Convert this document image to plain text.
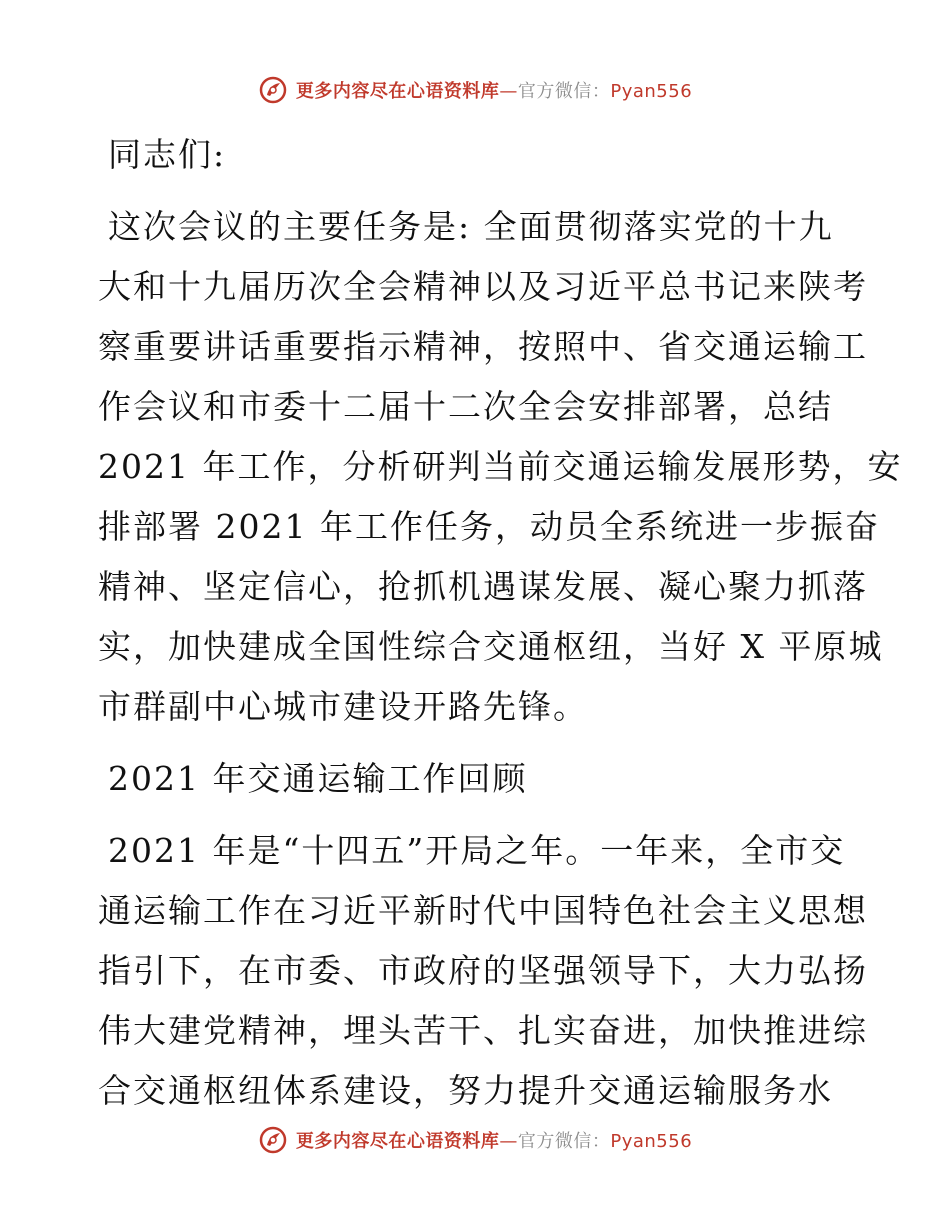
更多内容尽在心语资料库—官方微信：Pyan556
同志们:
这次会议的主要任务是: 全面贯彻落实党的十九
大和十九届历次全会精神以及习近平总书记来陕考
察重要讲话重要指示精神，按照中、省交通运输工
作会议和市委十二届十二次全会安排部署，总结
2021 年工作，分析研判当前交通运输发展形势，安
排部署 2021 年工作任务，动员全系统进一步振奋
精神、坚定信心，抢抓机遇谋发展、凝心聚力抓落
实，加快建成全国性综合交通枢纽，当好 X 平原城
市群副中心城市建设开路先锋。
2021 年交通运输工作回顾
2021 年是“十四五”开局之年。一年来，全市交
通运输工作在习近平新时代中国特色社会主义思想
指引下，在市委、市政府的坚强领导下，大力弘扬
伟大建党精神，埋头苦干、扎实奋进，加快推进综
合交通枢纽体系建设，努力提升交通运输服务水
更多内容尽在心语资料库—官方微信：Pyan556
